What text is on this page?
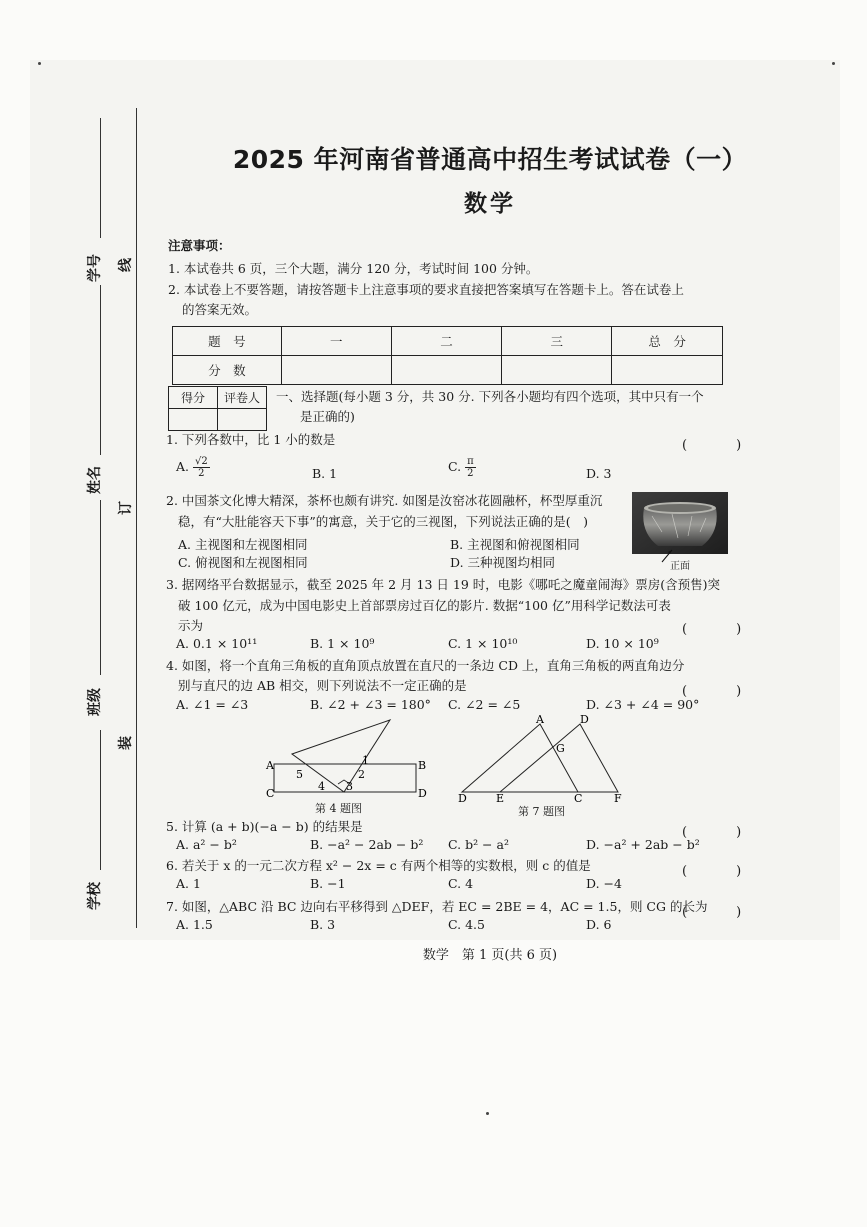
学号
姓名
班级
学校
线
订
装
2025 年河南省普通高中招生考试试卷（一）
数学
注意事项：
1. 本试卷共 6 页，三个大题，满分 120 分，考试时间 100 分钟。
2. 本试卷上不要答题，请按答题卡上注意事项的要求直接把答案填写在答题卡上。答在试卷上
的答案无效。
题　号	一	二	三	总　分
分　数				
得分	评卷人
	一、选择题(每小题 3 分，共 30 分. 下列各小题均有四个选项，其中只有一个
是正确的)
1. 下列各数中，比 1 小的数是	(　)
A. $\frac{√2}{2}$	B. 1	C. $\frac{\pi}{2}$	D. 3
2. 中国茶文化博大精深，茶杯也颇有讲究. 如图是汝窑冰花圆融杯，杯型厚重沉
稳，有“大肚能容天下事”的寓意，关于它的三视图，下列说法正确的是(　)
A. 主视图和左视图相同	B. 主视图和俯视图相同
C. 俯视图和左视图相同	D. 三种视图均相同	正面
3. 据网络平台数据显示，截至 2025 年 2 月 13 日 19 时，电影《哪吒之魔童闹海》票房(含预售)突
破 100 亿元，成为中国电影史上首部票房过百亿的影片. 数据“100 亿”用科学记数法可表
示为	(　)
A. 0.1 × 10¹¹	B. 1 × 10⁹	C. 1 × 10¹⁰	D. 10 × 10⁹
4. 如图，将一个直角三角板的直角顶点放置在直尺的一条边 CD 上，直角三角板的两直角边分
别与直尺的边 AB 相交，则下列说法不一定正确的是	(　)
A. ∠1 = ∠3	B. ∠2 + ∠3 = 180° C. ∠2 = ∠5	D. ∠3 + ∠4 = 90°
A	B
C	D
1
2
3
4
5
第 4 题图
D	E	C	F
A	D
G
第 7 题图
5. 计算 (a + b)(−a − b) 的结果是	(　)
A. a² − b²	B. −a² − 2ab − b² C. b² − a²	D. −a² + 2ab − b²
6. 若关于 x 的一元二次方程 x² − 2x = c 有两个相等的实数根，则 c 的值是	(　)
A. 1	B. −1	C. 4	D. −4
7. 如图，△ABC 沿 BC 边向右平移得到 △DEF，若 EC = 2BE = 4，AC = 1.5，则 CG 的长为
(　)
A. 1.5	B. 3	C. 4.5	D. 6
数学　第 1 页(共 6 页)
